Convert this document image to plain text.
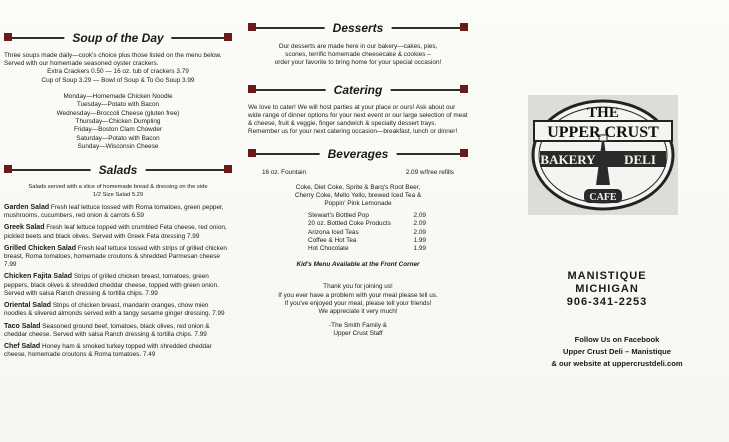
Soup of the Day
Three soups made daily—cook's choice plus those listed on the menu below. Served with our homemade seasoned oyster crackers.
Extra Crackers 0.50 — 16 oz. tub of crackers 3.79
Cup of Soup 3.29 — Bowl of Soup & To Go Soup 3.99
Monday—Homemade Chicken Noodle
Tuesday—Potato with Bacon
Wednesday—Broccoli Cheese (gluten free)
Thursday—Chicken Dumpling
Friday—Boston Clam Chowder
Saturday—Potato with Bacon
Sunday—Wisconsin Cheese
Salads
Salads served with a slice of homemade bread & dressing on the side
1/2 Size Salad 5.29
Garden Salad Fresh leaf lettuce tossed with Roma tomatoes, green pepper, mushrooms, cucumbers, red onion & carrots 6.59
Greek Salad Fresh leaf lettuce topped with crumbled Feta cheese, red onion, pickled beets and black olives. Served with Greek Feta dressing 7.99
Grilled Chicken Salad Fresh leaf lettuce tossed with strips of grilled chicken breast, Roma tomatoes, homemade croutons & shredded Parmesan cheese 7.99
Chicken Fajita Salad Strips of grilled chicken breast, tomatoes, green peppers, black olives & shredded cheddar cheese, topped with green onion. Served with salsa Ranch dressing & tortilla chips. 7.99
Oriental Salad Strips of chicken breast, mandarin oranges, chow mien noodles & slivered almonds served with a tangy sesame ginger dressing. 7.99
Taco Salad Seasoned ground beef, tomatoes, black olives, red onion & cheddar cheese. Served with salsa Ranch dressing & tortilla chips. 7.99
Chef Salad Honey ham & smoked turkey topped with shredded cheddar cheese, homemade croutons & Roma tomatoes. 7.49
Desserts
Our desserts are made here in our bakery—cakes, pies,
scones, terrific homemade cheesecake & cookies –
order your favorite to bring home for your special occasion!
Catering
We love to cater! We will host parties at your place or ours! Ask about our wide range of dinner options for your next event or our large selection of meat & cheese, fruit & veggie, finger sandwich & specialty dessert trays. Remember us for your next catering occasion—breakfast, lunch or dinner!
Beverages
16 oz. Fountain	2.09 w/free refills
Coke, Diet Coke, Sprite & Barq's Root Beer, Cherry Coke, Mello Yello, brewed Iced Tea & Poppin' Pink Lemonade
Stewart's Bottled Pop	2.09
20 oz. Bottled Coke Products	2.09
Arizona Iced Teas	2.09
Coffee & Hot Tea	1.99
Hot Chocolate	1.99
Kid's Menu Available at the Front Corner
Thank you for joining us!
If you ever have a problem with your meal please tell us.
If you've enjoyed your meal, please tell your friends!
We appreciate it very much!
-The Smith Family &
Upper Crust Staff
THE
UPPER CRUST
BAKERY DELI
CAFE
MANISTIQUE
MICHIGAN
906-341-2253
Follow Us on Facebook
Upper Crust Deli – Manistique
& our website at uppercrustdeli.com
